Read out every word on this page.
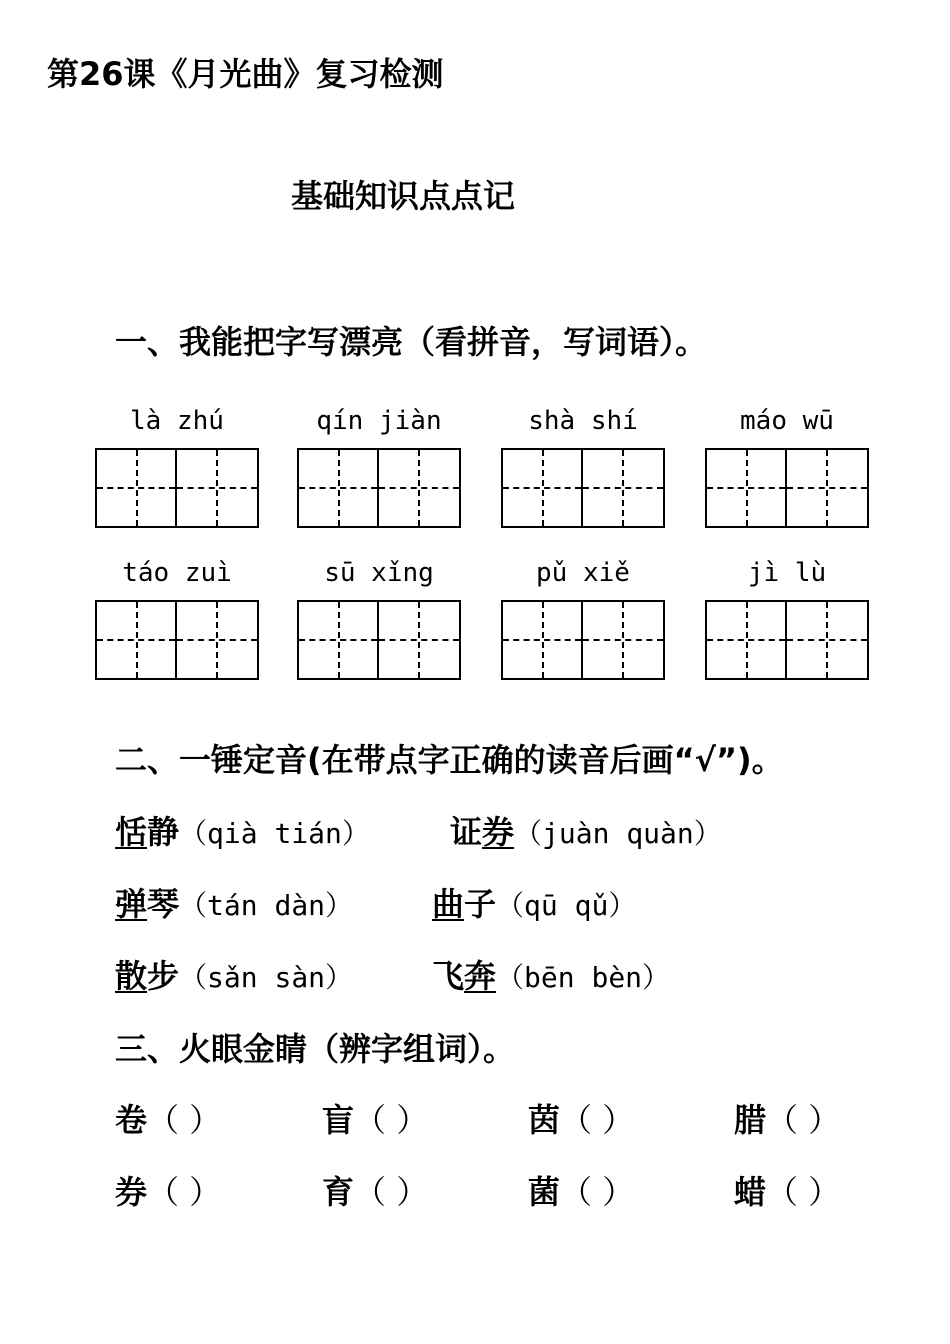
第26课《月光曲》复习检测
基础知识点点记
一、我能把字写漂亮（看拼音，写词语）。
là zhú	qín jiàn	shà shí	máo wū
táo zuì	sū xǐng	pǔ xiě	jì lù
二、一锤定音(在带点字正确的读音后画“√”)。
恬静（qià tián）	证券（juàn quàn）
弹琴（tán dàn） 曲子（qū qǔ）
散步（sǎn sàn） 飞奔（bēn bèn）
三、火眼金睛（辨字组词）。
卷（ ）	盲（ ）	茵（ ）	腊（ ）
券（ ）	育（ ）	菌（ ）	蜡（ ）
